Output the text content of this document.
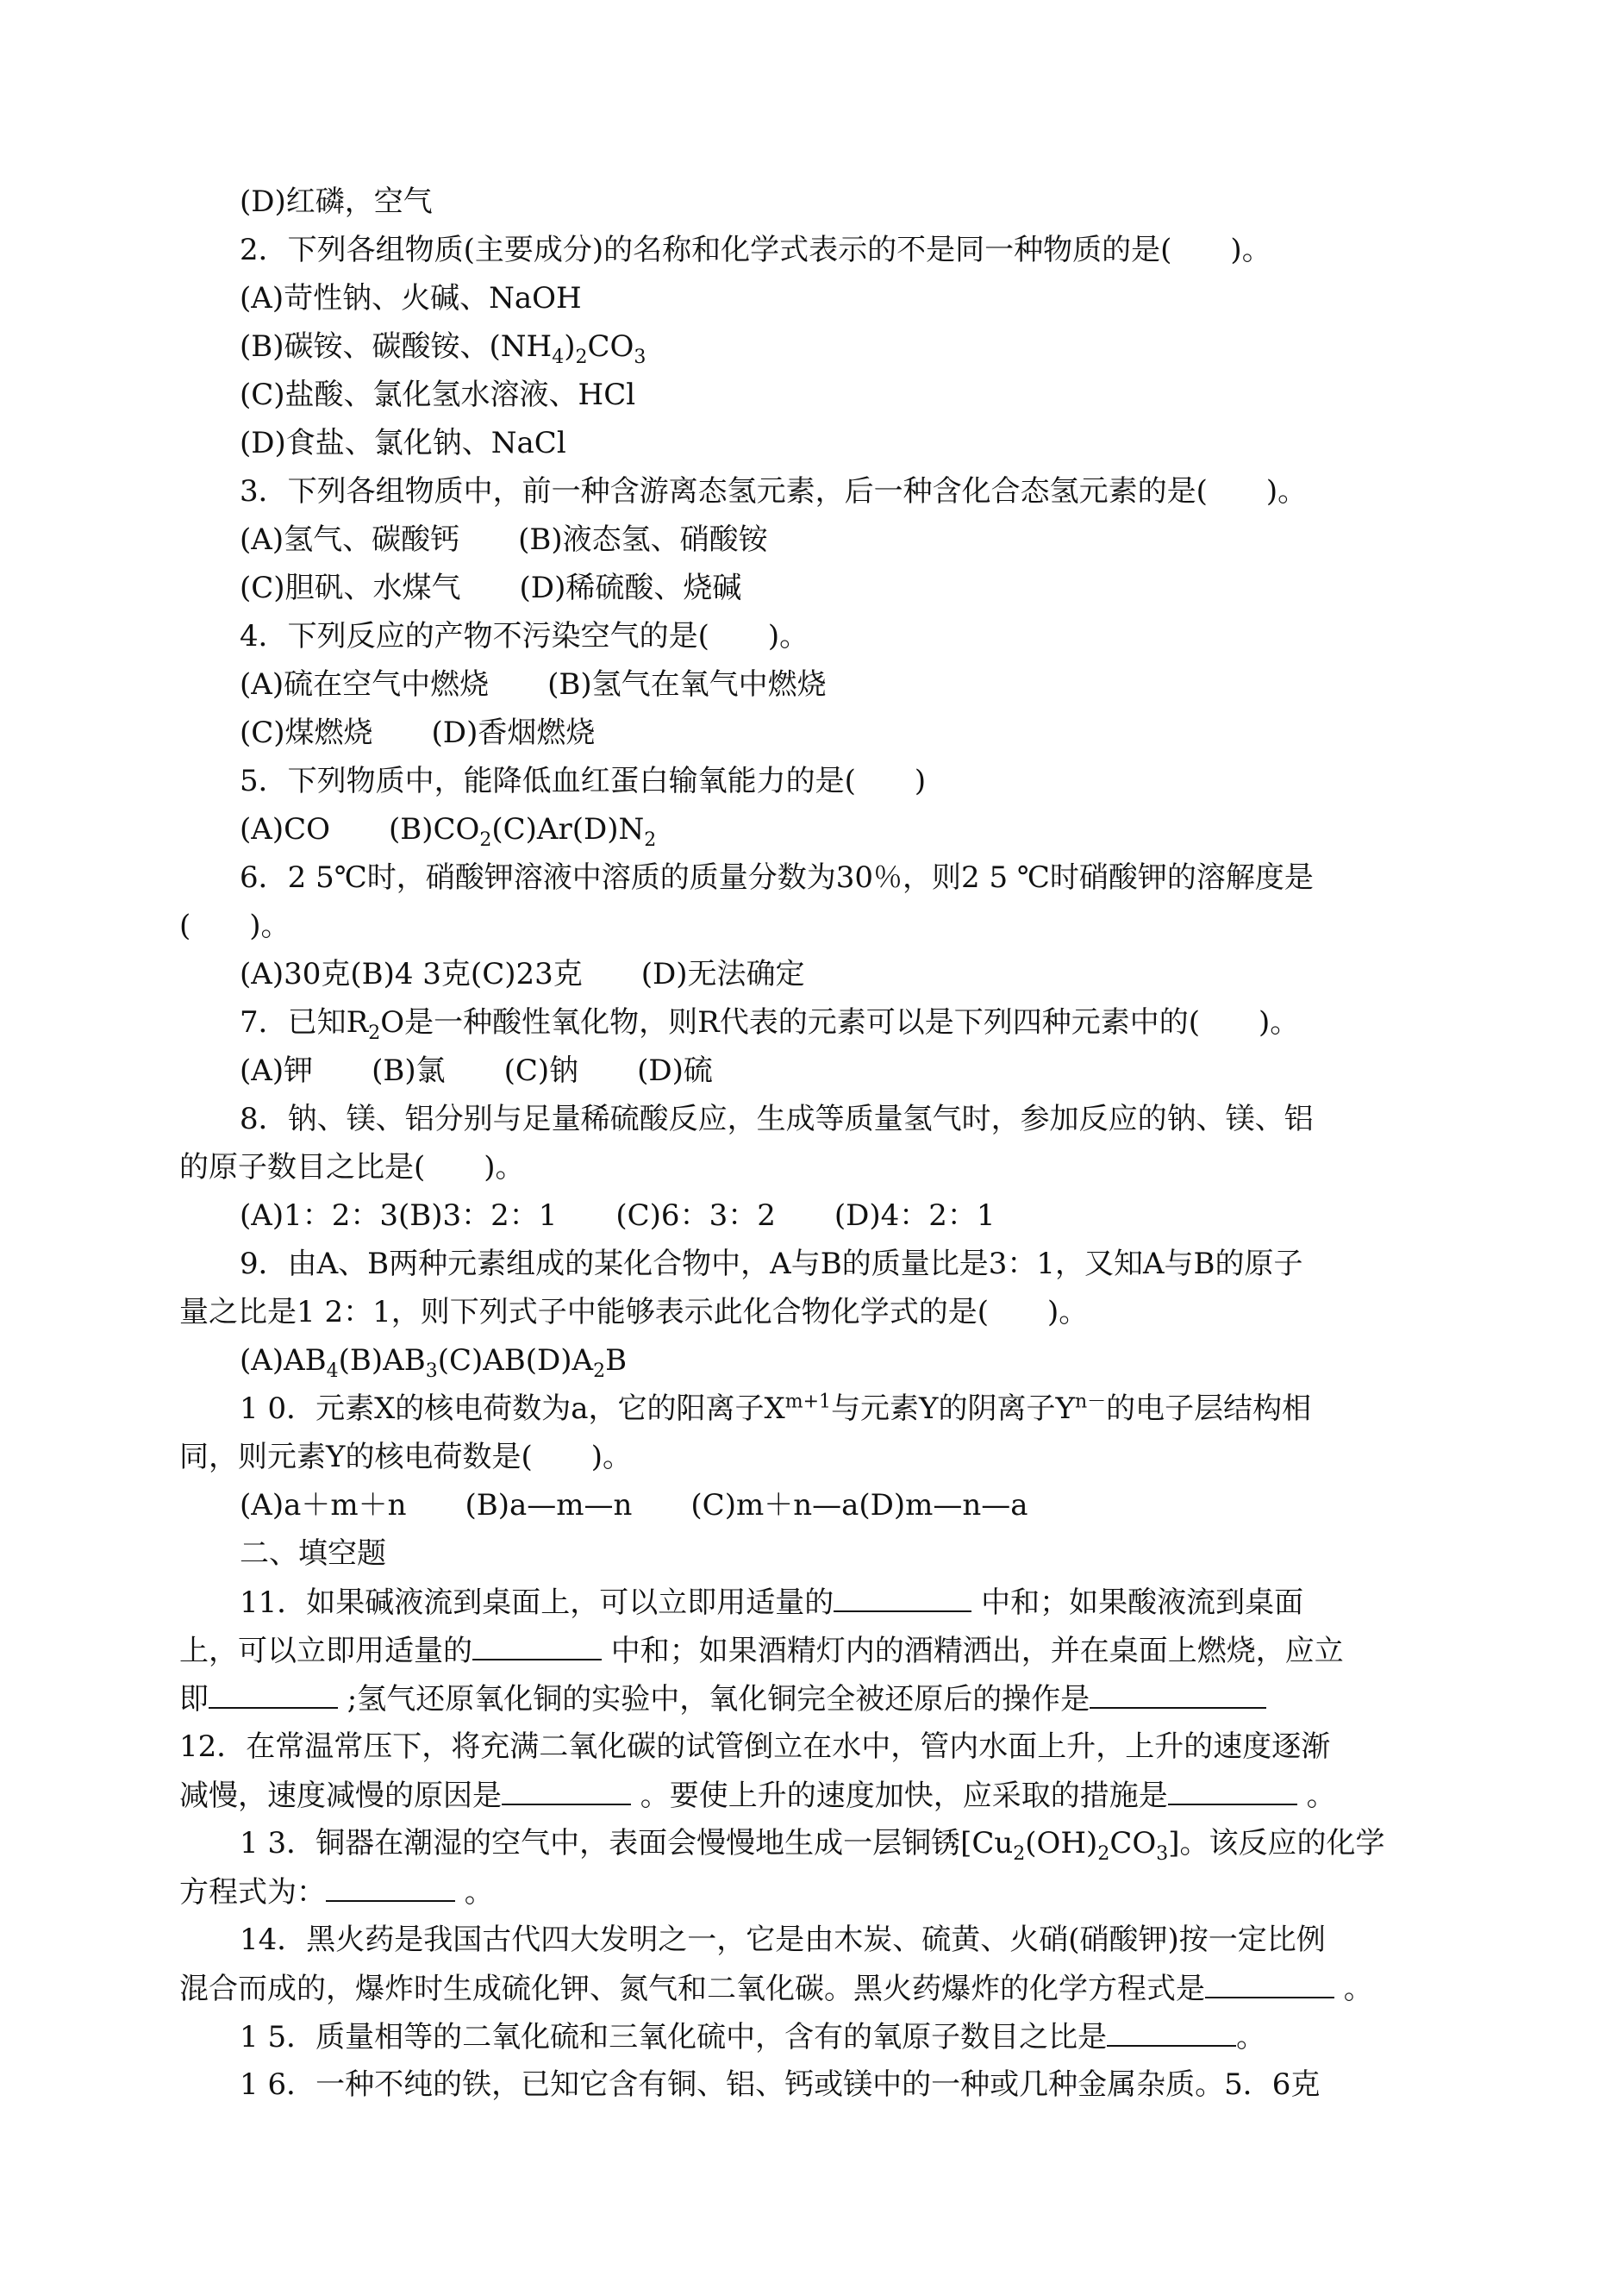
(D)红磷，空气
2．下列各组物质(主要成分)的名称和化学式表示的不是同一种物质的是(　　)。
(A)苛性钠、火碱、NaOH
(B)碳铵、碳酸铵、$(NH_4)_2CO_3$
(C)盐酸、氯化氢水溶液、HCl
(D)食盐、氯化钠、NaCl
3．下列各组物质中，前一种含游离态氢元素，后一种含化合态氢元素的是(　　)。
(A)氢气、碳酸钙　　(B)液态氢、硝酸铵
(C)胆矾、水煤气　　(D)稀硫酸、烧碱
4．下列反应的产物不污染空气的是(　　)。
(A)硫在空气中燃烧　　(B)氢气在氧气中燃烧
(C)煤燃烧　　(D)香烟燃烧
5．下列物质中，能降低血红蛋白输氧能力的是(　　)
(A)CO　　$(B)CO_2(C)Ar(D)N_2$
6．2 5℃时，硝酸钾溶液中溶质的质量分数为30％，则2 5 ℃时硝酸钾的溶解度是
(　　)。
(A)30克(B)4 3克(C)23克　　(D)无法确定
7．已知$R_2O$是一种酸性氧化物，则R代表的元素可以是下列四种元素中的(　　)。
(A)钾　　(B)氯　　(C)钠　　(D)硫
8．钠、镁、铝分别与足量稀硫酸反应，生成等质量氢气时，参加反应的钠、镁、铝
的原子数目之比是(　　)。
(A)1：2：3(B)3：2：1　　(C)6：3：2　　(D)4：2：1
9．由A、B两种元素组成的某化合物中，A与B的质量比是3：1，又知A与B的原子
量之比是1 2：1，则下列式子中能够表示此化合物化学式的是(　　)。
$(A)AB_4(B)AB_3(C)AB(D)A_2B$
1 0．元素X的核电荷数为a，它的阳离子$X^{m+1}$与元素Y的阴离子$Y^{n-}$的电子层结构相
同，则元素Y的核电荷数是(　　)。
(A)a＋m＋n　　(B)a—m—n　　(C)m＋n—a(D)m—n—a
二、填空题
11．如果碱液流到桌面上，可以立即用适量的	中和；如果酸液流到桌面
上，可以立即用适量的	中和；如果酒精灯内的酒精洒出，并在桌面上燃烧，应立
即	;氢气还原氧化铜的实验中，氧化铜完全被还原后的操作是
12．在常温常压下，将充满二氧化碳的试管倒立在水中，管内水面上升，上升的速度逐渐
减慢，速度减慢的原因是	。要使上升的速度加快，应采取的措施是	。
1 3．铜器在潮湿的空气中，表面会慢慢地生成一层铜锈$[Cu_2(OH)_2CO_3]$。该反应的化学
方程式为：	。
14．黑火药是我国古代四大发明之一，它是由木炭、硫黄、火硝(硝酸钾)按一定比例
混合而成的，爆炸时生成硫化钾、氮气和二氧化碳。黑火药爆炸的化学方程式是	。
1 5．质量相等的二氧化硫和三氧化硫中，含有的氧原子数目之比是	。
1 6．一种不纯的铁，已知它含有铜、铝、钙或镁中的一种或几种金属杂质。5．6克
